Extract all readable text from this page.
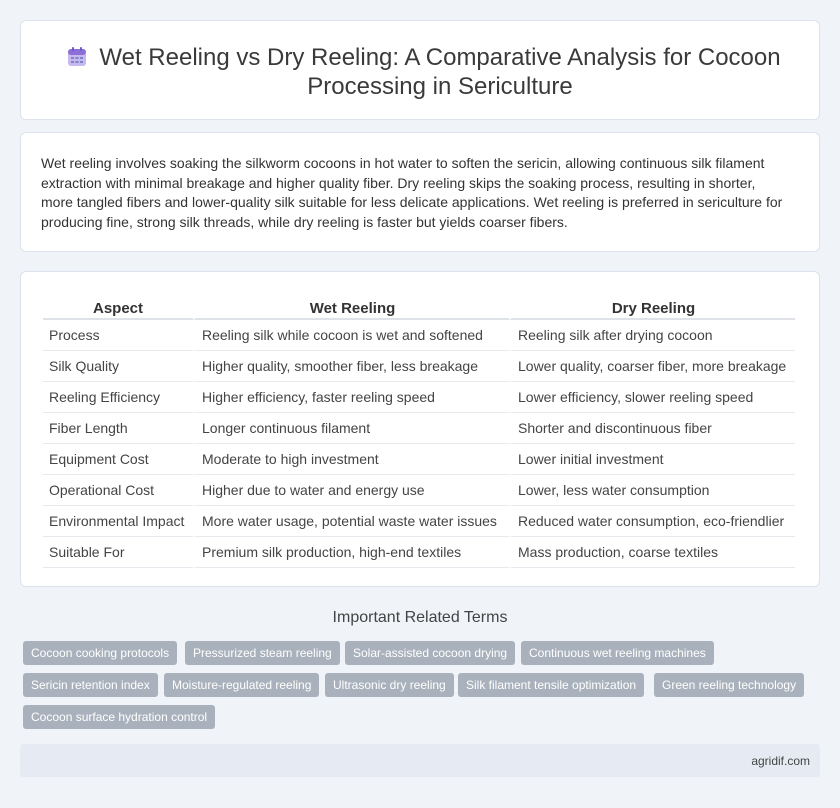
Wet Reeling vs Dry Reeling: A Comparative Analysis for Cocoon Processing in Sericulture

Wet reeling involves soaking the silkworm cocoons in hot water to soften the sericin, allowing continuous silk filament extraction with minimal breakage and higher quality fiber. Dry reeling skips the soaking process, resulting in shorter, more tangled fibers and lower-quality silk suitable for less delicate applications. Wet reeling is preferred in sericulture for producing fine, strong silk threads, while dry reeling is faster but yields coarser fibers.

Aspect	Wet Reeling	Dry Reeling
Process	Reeling silk while cocoon is wet and softened	Reeling silk after drying cocoon
Silk Quality	Higher quality, smoother fiber, less breakage	Lower quality, coarser fiber, more breakage
Reeling Efficiency	Higher efficiency, faster reeling speed	Lower efficiency, slower reeling speed
Fiber Length	Longer continuous filament	Shorter and discontinuous fiber
Equipment Cost	Moderate to high investment	Lower initial investment
Operational Cost	Higher due to water and energy use	Lower, less water consumption
Environmental Impact	More water usage, potential waste water issues	Reduced water consumption, eco-friendlier
Suitable For	Premium silk production, high-end textiles	Mass production, coarse textiles
Important Related Terms
Cocoon cooking protocols	Pressurized steam reeling	Solar-assisted cocoon drying	Continuous wet reeling machines
Sericin retention index	Moisture-regulated reeling	Ultrasonic dry reeling	Silk filament tensile optimization	Green reeling technology
Cocoon surface hydration control
agridif.com
